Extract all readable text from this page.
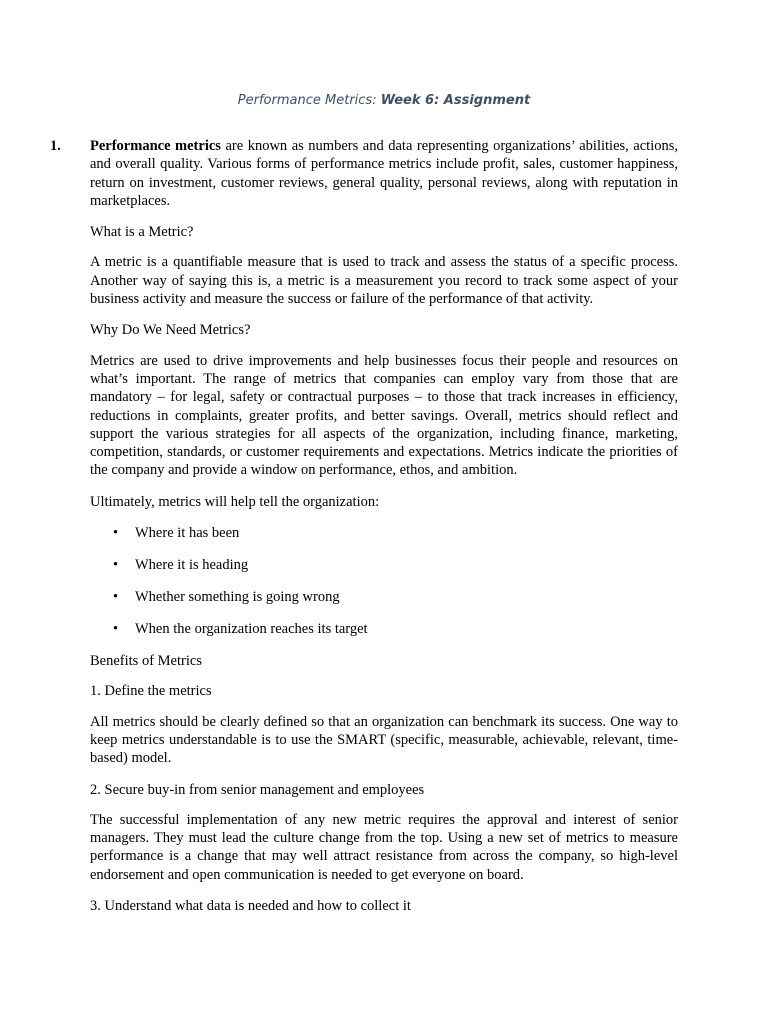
Performance Metrics: Week 6: Assignment
1. Performance metrics are known as numbers and data representing organizations’ abilities, actions, and overall quality. Various forms of performance metrics include profit, sales, customer happiness, return on investment, customer reviews, general quality, personal reviews, along with reputation in marketplaces.

What is a Metric?

A metric is a quantifiable measure that is used to track and assess the status of a specific process. Another way of saying this is, a metric is a measurement you record to track some aspect of your business activity and measure the success or failure of the performance of that activity.

Why Do We Need Metrics?

Metrics are used to drive improvements and help businesses focus their people and resources on what’s important. The range of metrics that companies can employ vary from those that are mandatory – for legal, safety or contractual purposes – to those that track increases in efficiency, reductions in complaints, greater profits, and better savings. Overall, metrics should reflect and support the various strategies for all aspects of the organization, including finance, marketing, competition, standards, or customer requirements and expectations. Metrics indicate the priorities of the company and provide a window on performance, ethos, and ambition.

Ultimately, metrics will help tell the organization:

• Where it has been
• Where it is heading
• Whether something is going wrong
• When the organization reaches its target

Benefits of Metrics

1. Define the metrics

All metrics should be clearly defined so that an organization can benchmark its success. One way to keep metrics understandable is to use the SMART (specific, measurable, achievable, relevant, time-based) model.

2. Secure buy-in from senior management and employees

The successful implementation of any new metric requires the approval and interest of senior managers. They must lead the culture change from the top. Using a new set of metrics to measure performance is a change that may well attract resistance from across the company, so high-level endorsement and open communication is needed to get everyone on board.

3. Understand what data is needed and how to collect it
